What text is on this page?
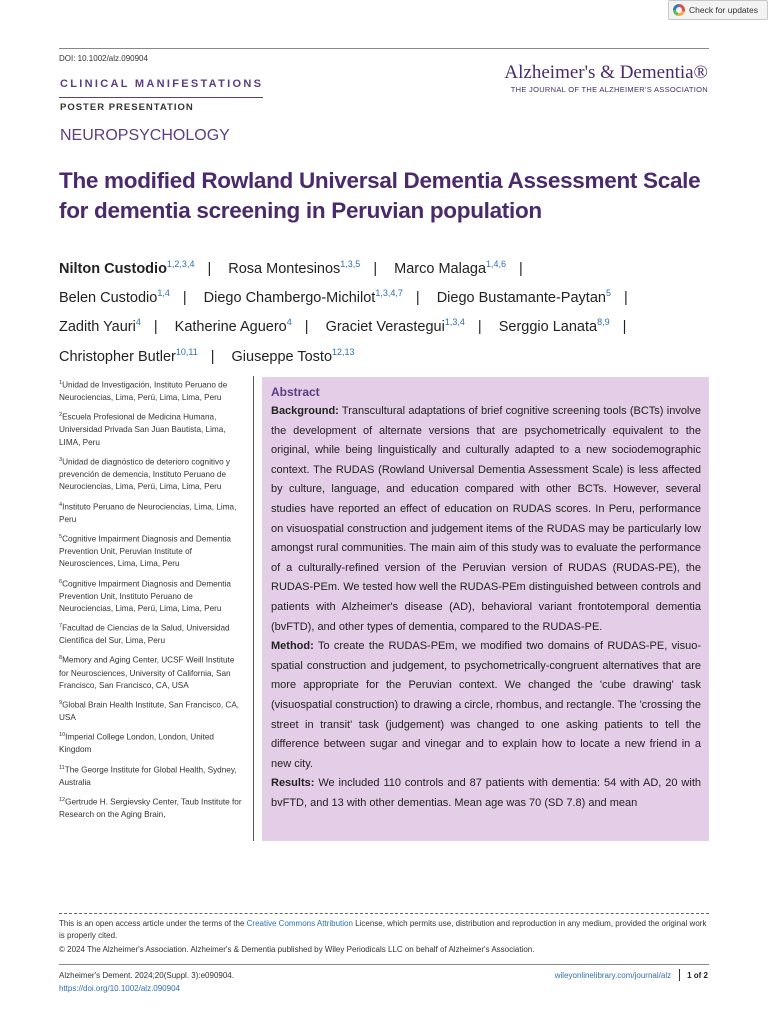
Check for updates
DOI: 10.1002/alz.090904
Alzheimer's & Dementia®
THE JOURNAL OF THE ALZHEIMER'S ASSOCIATION
CLINICAL MANIFESTATIONS
POSTER PRESENTATION
NEUROPSYCHOLOGY
The modified Rowland Universal Dementia Assessment Scale for dementia screening in Peruvian population
Nilton Custodio$^{1,2,3,4}$ | Rosa Montesinos$^{1,3,5}$ | Marco Malaga$^{1,4,6}$ |
Belen Custodio$^{1,4}$ | Diego Chambergo-Michilot$^{1,3,4,7}$ | Diego Bustamante-Paytan$^5$ |
Zadith Yauri$^4$ | Katherine Aguero$^4$ | Graciet Verastegui$^{1,3,4}$ | Serggio Lanata$^{8,9}$ |
Christopher Butler$^{10,11}$ | Giuseppe Tosto$^{12,13}$
$^1$Unidad de Investigación, Instituto Peruano de Neurociencias, Lima, Perú, Lima, Lima, Peru
$^2$Escuela Profesional de Medicina Humana, Universidad Privada San Juan Bautista, Lima, LIMA, Peru
$^3$Unidad de diagnóstico de deterioro cognitivo y prevención de demencia, Instituto Peruano de Neurociencias, Lima, Perú, Lima, Lima, Peru
$^4$Instituto Peruano de Neurociencias, Lima, Lima, Peru
$^5$Cognitive Impairment Diagnosis and Dementia Prevention Unit, Peruvian Institute of Neurosciences, Lima, Lima, Peru
$^6$Cognitive Impairment Diagnosis and Dementia Prevention Unit, Instituto Peruano de Neurociencias, Lima, Perú, Lima, Lima, Peru
$^7$Facultad de Ciencias de la Salud, Universidad Científica del Sur, Lima, Peru
$^8$Memory and Aging Center, UCSF Weill Institute for Neurosciences, University of California, San Francisco, San Francisco, CA, USA
$^9$Global Brain Health Institute, San Francisco, CA, USA
$^{10}$Imperial College London, London, United Kingdom
$^{11}$The George Institute for Global Health, Sydney, Australia
$^{12}$Gertrude H. Sergievsky Center, Taub Institute for Research on the Aging Brain,
Abstract

Background: Transcultural adaptations of brief cognitive screening tools (BCTs) involve the development of alternate versions that are psychometrically equivalent to the original, while being linguistically and culturally adapted to a new sociodemographic context. The RUDAS (Rowland Universal Dementia Assessment Scale) is less affected by culture, language, and education compared with other BCTs. However, several studies have reported an effect of education on RUDAS scores. In Peru, performance on visuospatial construction and judgement items of the RUDAS may be particularly low amongst rural communities. The main aim of this study was to evaluate the performance of a culturally-refined version of the Peruvian version of RUDAS (RUDAS-PE), the RUDAS-PEm. We tested how well the RUDAS-PEm distinguished between controls and patients with Alzheimer's disease (AD), behavioral variant frontotemporal dementia (bvFTD), and other types of dementia, compared to the RUDAS-PE.

Method: To create the RUDAS-PEm, we modified two domains of RUDAS-PE, visuo-spatial construction and judgement, to psychometrically-congruent alternatives that are more appropriate for the Peruvian context. We changed the 'cube drawing' task (visuospatial construction) to drawing a circle, rhombus, and rectangle. The 'crossing the street in transit' task (judgement) was changed to one asking patients to tell the difference between sugar and vinegar and to explain how to locate a new friend in a new city.

Results: We included 110 controls and 87 patients with dementia: 54 with AD, 20 with bvFTD, and 13 with other dementias. Mean age was 70 (SD 7.8) and mean

This is an open access article under the terms of the Creative Commons Attribution License, which permits use, distribution and reproduction in any medium, provided the original work is properly cited.

© 2024 The Alzheimer's Association. Alzheimer's & Dementia published by Wiley Periodicals LLC on behalf of Alzheimer's Association.

Alzheimer's Dement. 2024;20(Suppl. 3):e090904.
https://doi.org/10.1002/alz.090904
wileyonlinelibrary.com/journal/alz 1 of 2
